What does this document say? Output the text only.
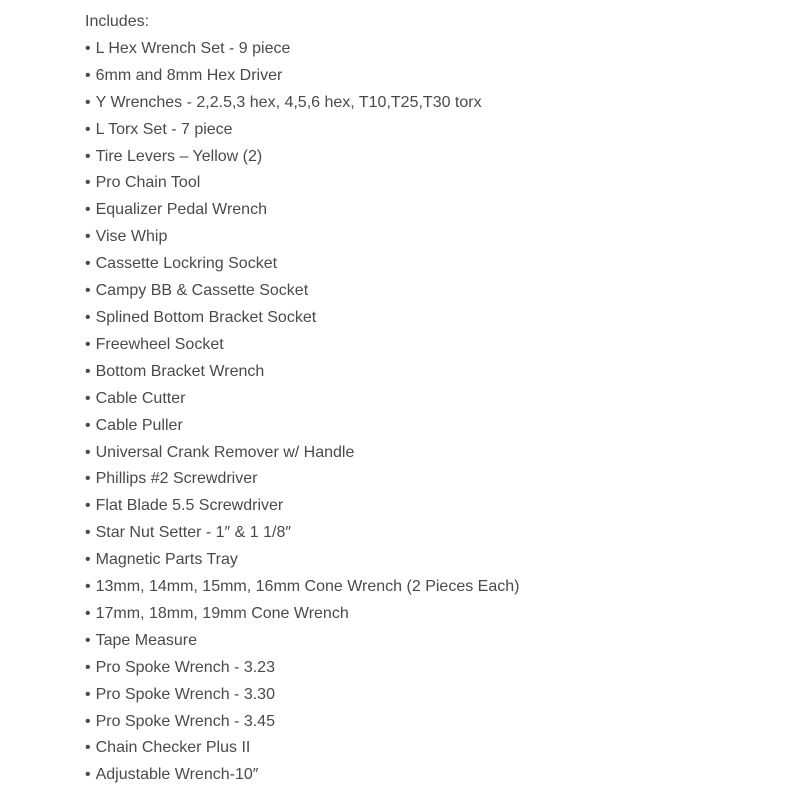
Includes:
• L Hex Wrench Set - 9 piece
• 6mm and 8mm Hex Driver
• Y Wrenches - 2,2.5,3 hex, 4,5,6 hex, T10,T25,T30 torx
• L Torx Set - 7 piece
• Tire Levers – Yellow (2)
• Pro Chain Tool
• Equalizer Pedal Wrench
• Vise Whip
• Cassette Lockring Socket
• Campy BB & Cassette Socket
• Splined Bottom Bracket Socket
• Freewheel Socket
• Bottom Bracket Wrench
• Cable Cutter
• Cable Puller
• Universal Crank Remover w/ Handle
• Phillips #2 Screwdriver
• Flat Blade 5.5 Screwdriver
• Star Nut Setter - 1″ & 1 1/8″
• Magnetic Parts Tray
• 13mm, 14mm, 15mm, 16mm Cone Wrench (2 Pieces Each)
• 17mm, 18mm, 19mm Cone Wrench
• Tape Measure
• Pro Spoke Wrench - 3.23
• Pro Spoke Wrench - 3.30
• Pro Spoke Wrench - 3.45
• Chain Checker Plus II
• Adjustable Wrench-10″
